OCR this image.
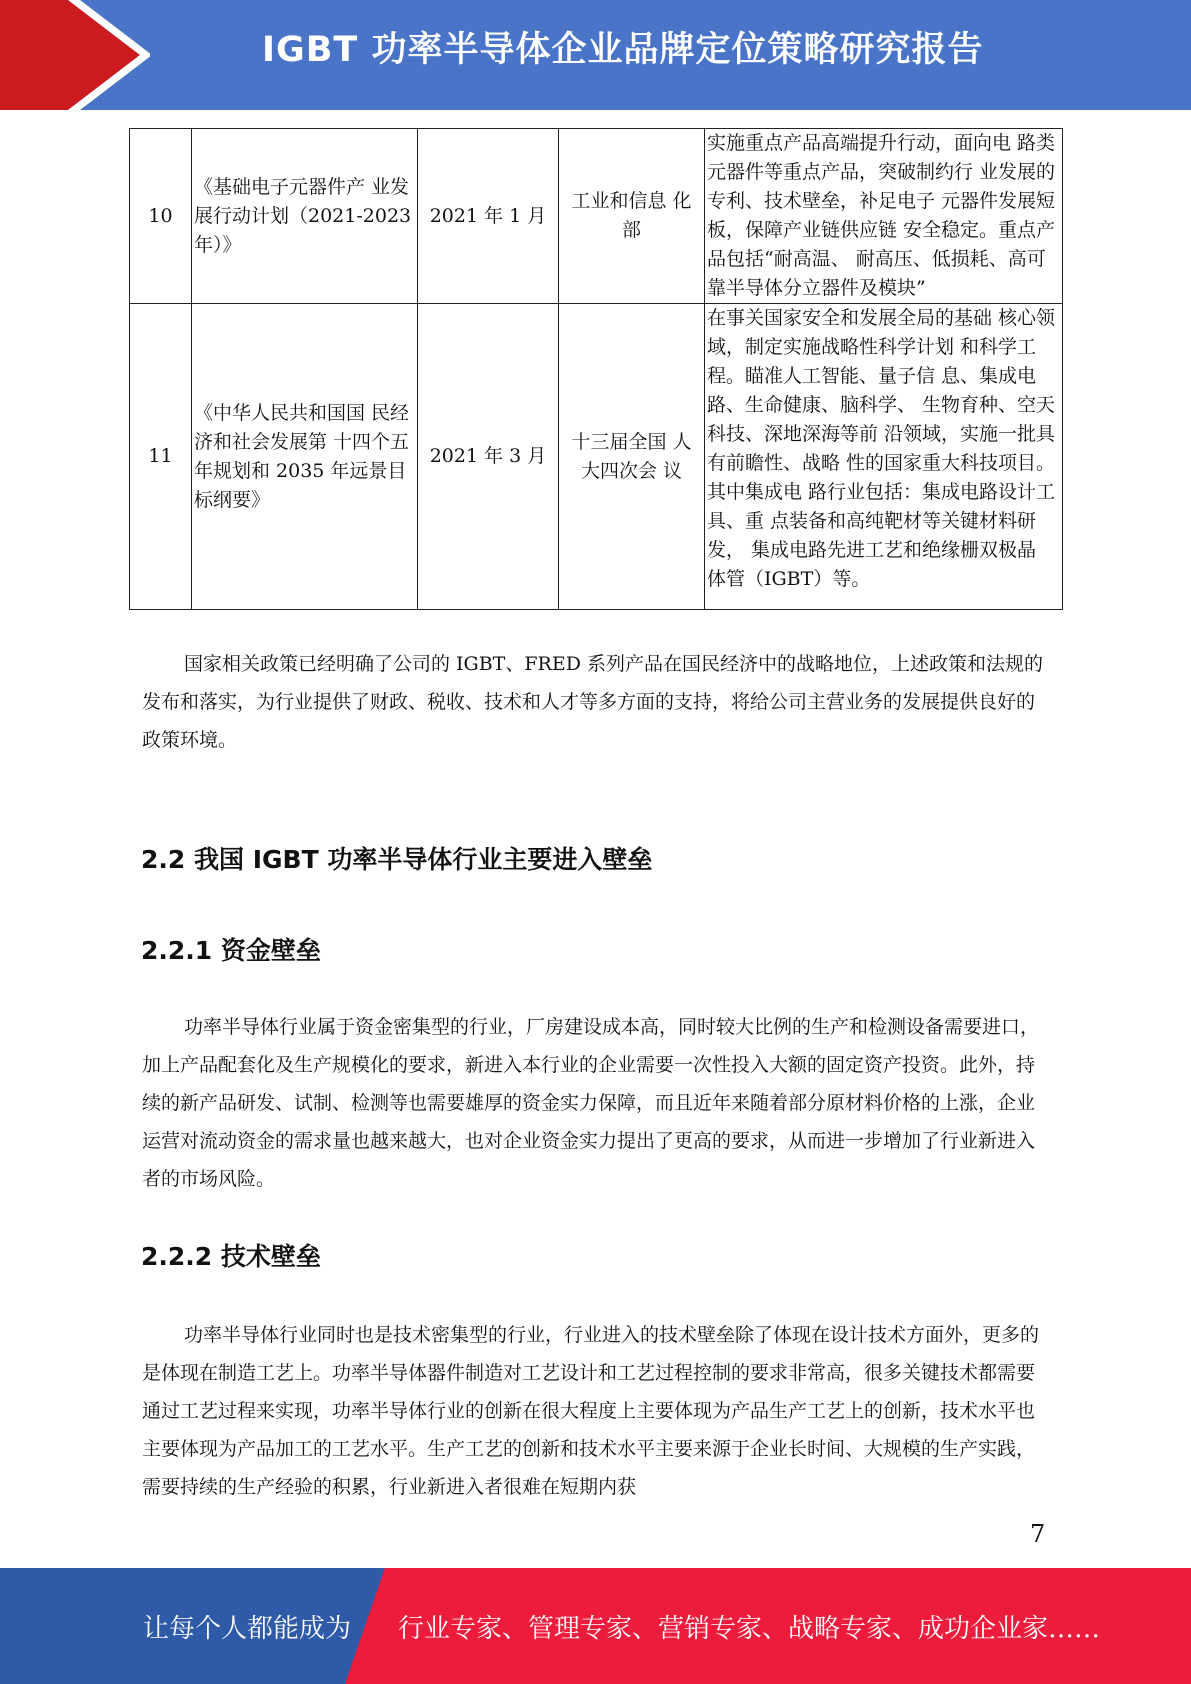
IGBT 功率半导体企业品牌定位策略研究报告
10	《基础电子元器件产 业发展行动计划（2021-2023 年）》	2021 年 1 月	工业和信息 化部	实施重点产品高端提升行动，面向电 路类元器件等重点产品，突破制约行 业发展的专利、技术壁垒，补足电子 元器件发展短板，保障产业链供应链 安全稳定。重点产品包括“耐高温、 耐高压、低损耗、高可靠半导体分立器件及模块”
11	《中华人民共和国国 民经济和社会发展第 十四个五年规划和 2035 年远景目标纲要》	2021 年 3 月	十三届全国 人大四次会 议	在事关国家安全和发展全局的基础 核心领域，制定实施战略性科学计划 和科学工程。瞄准人工智能、量子信 息、集成电路、生命健康、脑科学、 生物育种、空天科技、深地深海等前 沿领域，实施一批具有前瞻性、战略 性的国家重大科技项目。其中集成电 路行业包括：集成电路设计工具、重 点装备和高纯靶材等关键材料研发， 集成电路先进工艺和绝缘栅双极晶 体管（IGBT）等。

国家相关政策已经明确了公司的 IGBT、FRED 系列产品在国民经济中的战略地位，上述政策和法规的发布和落实，为行业提供了财政、税收、技术和人才等多方面的支持，将给公司主营业务的发展提供良好的政策环境。

2.2 我国 IGBT 功率半导体行业主要进入壁垒
2.2.1 资金壁垒

功率半导体行业属于资金密集型的行业，厂房建设成本高，同时较大比例的生产和检测设备需要进口，加上产品配套化及生产规模化的要求，新进入本行业的企业需要一次性投入大额的固定资产投资。此外，持续的新产品研发、试制、检测等也需要雄厚的资金实力保障，而且近年来随着部分原材料价格的上涨，企业运营对流动资金的需求量也越来越大，也对企业资金实力提出了更高的要求，从而进一步增加了行业新进入者的市场风险。

2.2.2 技术壁垒

功率半导体行业同时也是技术密集型的行业，行业进入的技术壁垒除了体现在设计技术方面外，更多的是体现在制造工艺上。功率半导体器件制造对工艺设计和工艺过程控制的要求非常高，很多关键技术都需要通过工艺过程来实现，功率半导体行业的创新在很大程度上主要体现为产品生产工艺上的创新，技术水平也主要体现为产品加工的工艺水平。生产工艺的创新和技术水平主要来源于企业长时间、大规模的生产实践，需要持续的生产经验的积累，行业新进入者很难在短期内获

7
让每个人都能成为 行业专家、管理专家、营销专家、战略专家、成功企业家……
